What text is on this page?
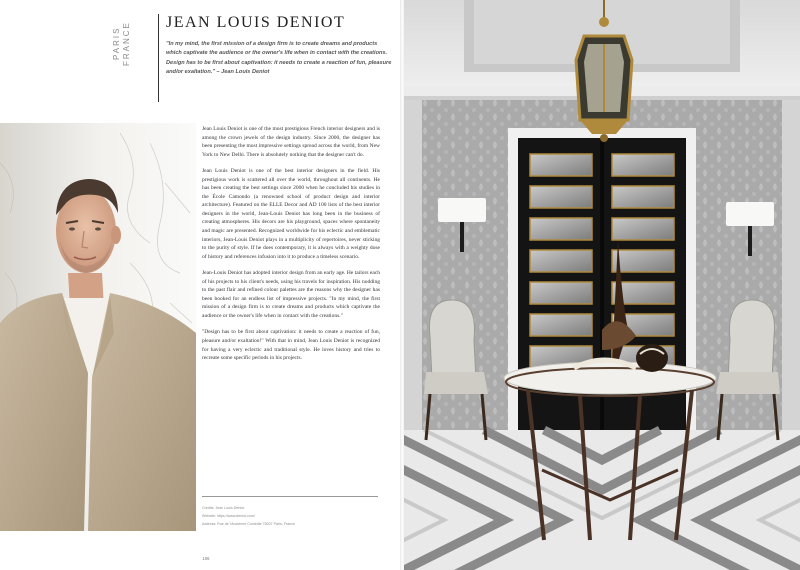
PARIS FRANCE JEAN LOUIS DENIOT
"In my mind, the first mission of a design firm is to create dreams and products which captivate the audience or the owner's life when in contact with the creations. Design has to be first about captivation: it needs to create a reaction of fun, pleasure and/or exaltation." – Jean Louis Deniot

Jean Louis Deniot is one of the most prestigious French interior designers and is among the crown jewels of the design industry. Since 2000, the designer has been presenting the most impressive settings spread across the world, from New York to New Delhi. There is absolutely nothing that the designer can't do.

Jean Louis Deniot is one of the best interior designers in the field. His prestigious work is scattered all over the world, throughout all continents. He has been creating the best settings since 2000 when he concluded his studies in the École Camondo (a renowned school of product design and interior architecture). Featured on the ELLE Decor and AD 100 lists of the best interior designers in the world, Jean-Louis Deniot has long been in the business of creating atmospheres. His decors are his playground, spaces where spontaneity and magic are presented. Recognized worldwide for his eclectic and emblematic interiors, Jean-Louis Deniot plays in a multiplicity of repertoires, never sticking to the purity of style. If he does contemporary, it is always with a weighty dose of history and references infusion into it to produce a timeless scenario.

Jean-Louis Deniot has adopted interior design from an early age. He tailors each of his projects to his client's needs, using his travels for inspiration. His nodding to the past flair and refined colour palettes are the reasons why the designer has been booked for an endless list of impressive projects. "In my mind, the first mission of a design firm is to create dreams and products which captivate the audience or the owner's life when in contact with the creations."

"Design has to be first about captivation: it needs to create a reaction of fun, pleasure and/or exaltation!" With that in mind, Jean Louis Deniot is recognized for having a very eclectic and traditional style. He loves history and tries to recreate some specific periods in his projects.

Credits: Jean Louis Deniot
Website: https://www.deniot.com/
Address: Rue de l'Ancienne Comédie 75007 Paris, France
106
